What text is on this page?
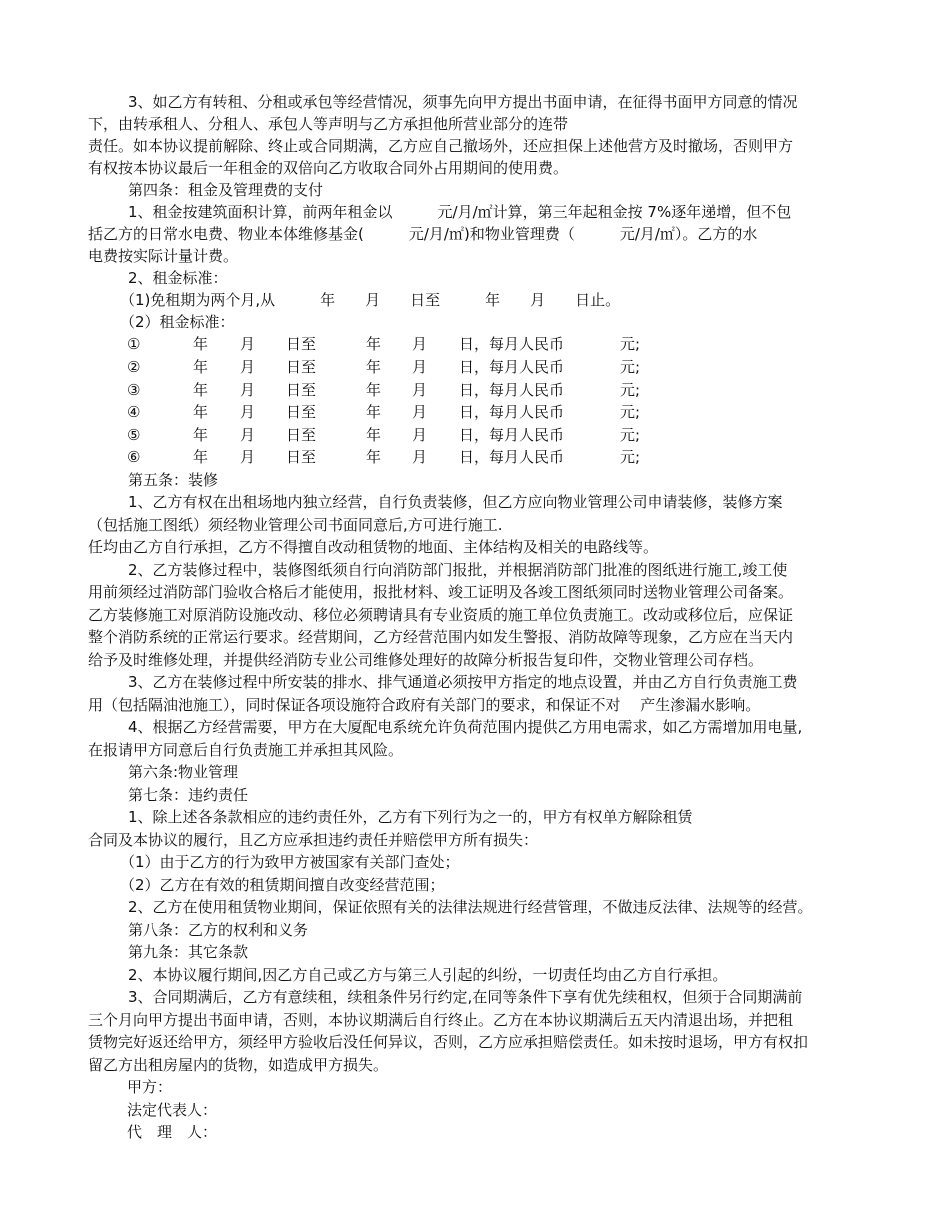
3、如乙方有转租、分租或承包等经营情况，须事先向甲方提出书面申请，在征得书面甲方同意的情况
下，由转承租人、分租人、承包人等声明与乙方承担他所营业部分的连带
责任。如本协议提前解除、终止或合同期满，乙方应自己撤场外，还应担保上述他营方及时撤场，否则甲方
有权按本协议最后一年租金的双倍向乙方收取合同外占用期间的使用费。
第四条：租金及管理费的支付
1、租金按建筑面积计算，前两年租金以　　　元/月/㎡计算，第三年起租金按 7%逐年递增，但不包
括乙方的日常水电费、物业本体维修基金(　　　元/月/㎡)和物业管理费（　　　元/月/㎡）。乙方的水
电费按实际计量计费。
2、租金标准：
（1)免租期为两个月,从　　　年　　月　　日至　　　年　　月　　日止。
（2）租金标准：
①	年 月 日至	年 月 日，每月人民币	元;
②	年 月 日至	年 月 日，每月人民币	元;
③	年 月 日至	年 月 日，每月人民币	元;
④	年 月 日至	年 月 日，每月人民币	元;
⑤	年 月 日至	年 月 日，每月人民币	元;
⑥	年 月 日至	年 月 日，每月人民币	元;
第五条：装修
1、乙方有权在出租场地内独立经营，自行负责装修，但乙方应向物业管理公司申请装修，装修方案
（包括施工图纸）须经物业管理公司书面同意后,方可进行施工.
任均由乙方自行承担，乙方不得擅自改动租赁物的地面、主体结构及相关的电路线等。
2、乙方装修过程中，装修图纸须自行向消防部门报批，并根据消防部门批准的图纸进行施工,竣工使
用前须经过消防部门验收合格后才能使用，报批材料、竣工证明及各竣工图纸须同时送物业管理公司备案。
乙方装修施工对原消防设施改动、移位必须聘请具有专业资质的施工单位负责施工。改动或移位后，应保证
整个消防系统的正常运行要求。经营期间，乙方经营范围内如发生警报、消防故障等现象，乙方应在当天内
给予及时维修处理，并提供经消防专业公司维修处理好的故障分析报告复印件，交物业管理公司存档。
3、乙方在装修过程中所安装的排水、排气通道必须按甲方指定的地点设置，并由乙方自行负责施工费
用（包括隔油池施工），同时保证各项设施符合政府有关部门的要求，和保证不对　 产生渗漏水影响。
4、根据乙方经营需要，甲方在大厦配电系统允许负荷范围内提供乙方用电需求，如乙方需增加用电量,
在报请甲方同意后自行负责施工并承担其风险。
第六条:物业管理
第七条：违约责任
1、除上述各条款相应的违约责任外，乙方有下列行为之一的，甲方有权单方解除租赁
合同及本协议的履行，且乙方应承担违约责任并赔偿甲方所有损失：
（1）由于乙方的行为致甲方被国家有关部门查处；
（2）乙方在有效的租赁期间擅自改变经营范围；
2、乙方在使用租赁物业期间，保证依照有关的法律法规进行经营管理，不做违反法律、法规等的经营。
第八条：乙方的权利和义务
第九条：其它条款
2、本协议履行期间,因乙方自己或乙方与第三人引起的纠纷，一切责任均由乙方自行承担。
3、合同期满后，乙方有意续租，续租条件另行约定,在同等条件下享有优先续租权，但须于合同期满前
三个月向甲方提出书面申请，否则，本协议期满后自行终止。乙方在本协议期满后五天内清退出场，并把租
赁物完好返还给甲方，须经甲方验收后没任何异议，否则，乙方应承担赔偿责任。如未按时退场，甲方有权扣
留乙方出租房屋内的货物，如造成甲方损失。
甲方：
法定代表人：
代　理　人：
